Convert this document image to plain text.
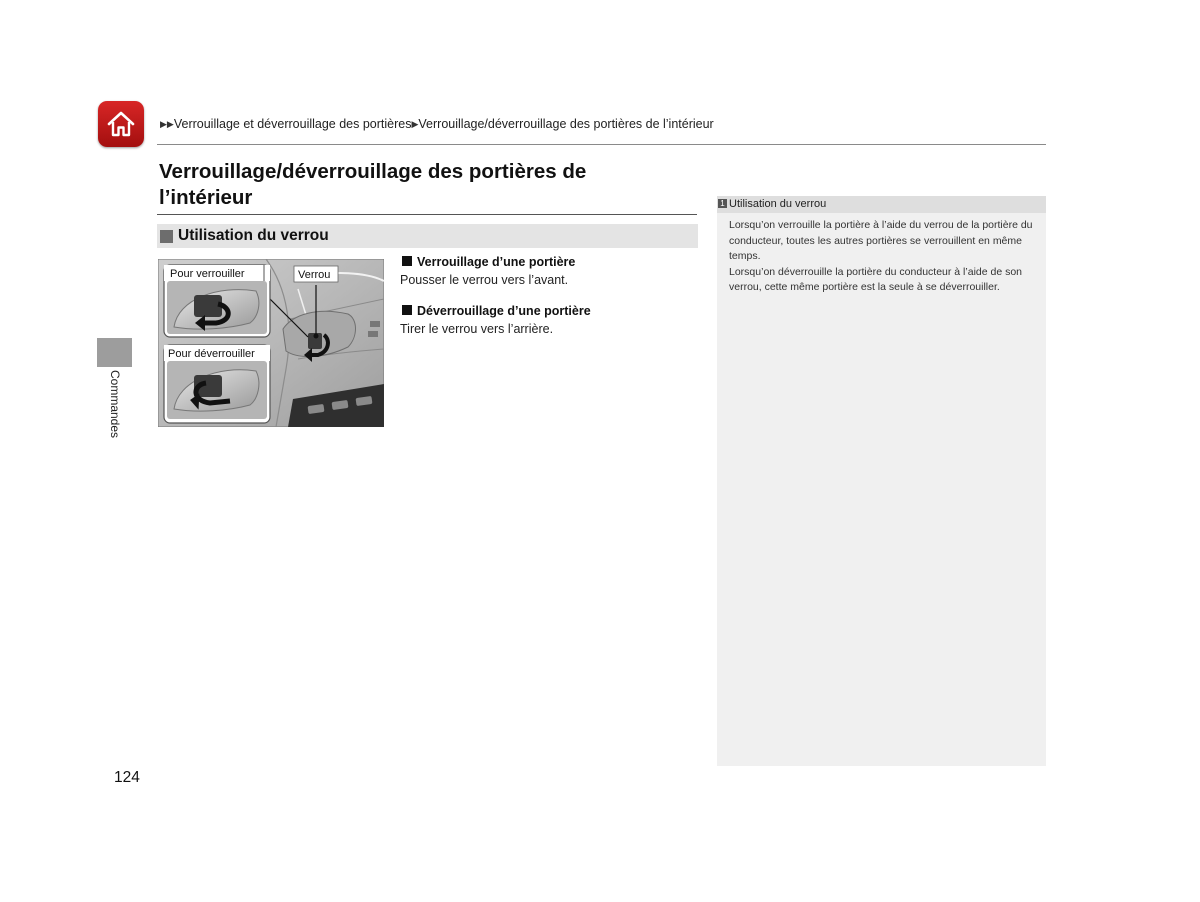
▶▶Verrouillage et déverrouillage des portières▶Verrouillage/déverrouillage des portières de l’intérieur
Verrouillage/déverrouillage des portières de l’intérieur
Utilisation du verrou
Pour verrouiller	Verrou
Pour déverrouiller
Verrouillage d’une portière
Pousser le verrou vers l’avant.
Déverrouillage d’une portière
Tirer le verrou vers l’arrière.
1 Utilisation du verrou

Lorsqu’on verrouille la portière à l’aide du verrou de la portière du conducteur, toutes les autres portières se verrouillent en même temps.

Lorsqu’on déverrouille la portière du conducteur à l’aide de son verrou, cette même portière est la seule à se déverrouiller.

Commandes
124
